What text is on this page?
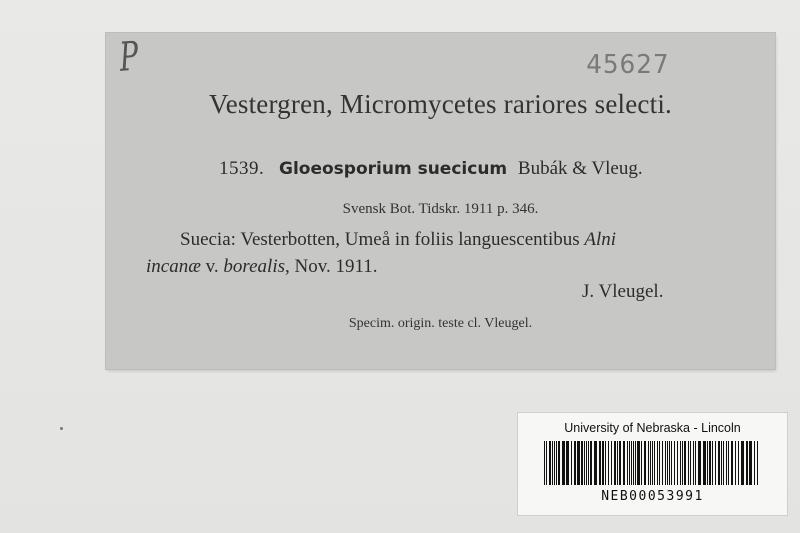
P	45627
Vestergren, Micromycetes rariores selecti.
1539. Gloeosporium suecicum Bubák & Vleug.
Svensk Bot. Tidskr. 1911 p. 346.
Suecia: Vesterbotten, Umeå in foliis languescentibus Alni
incanæ v. borealis, Nov. 1911.
J. Vleugel.
Specim. origin. teste cl. Vleugel.
University of Nebraska - Lincoln
NEB00053991
